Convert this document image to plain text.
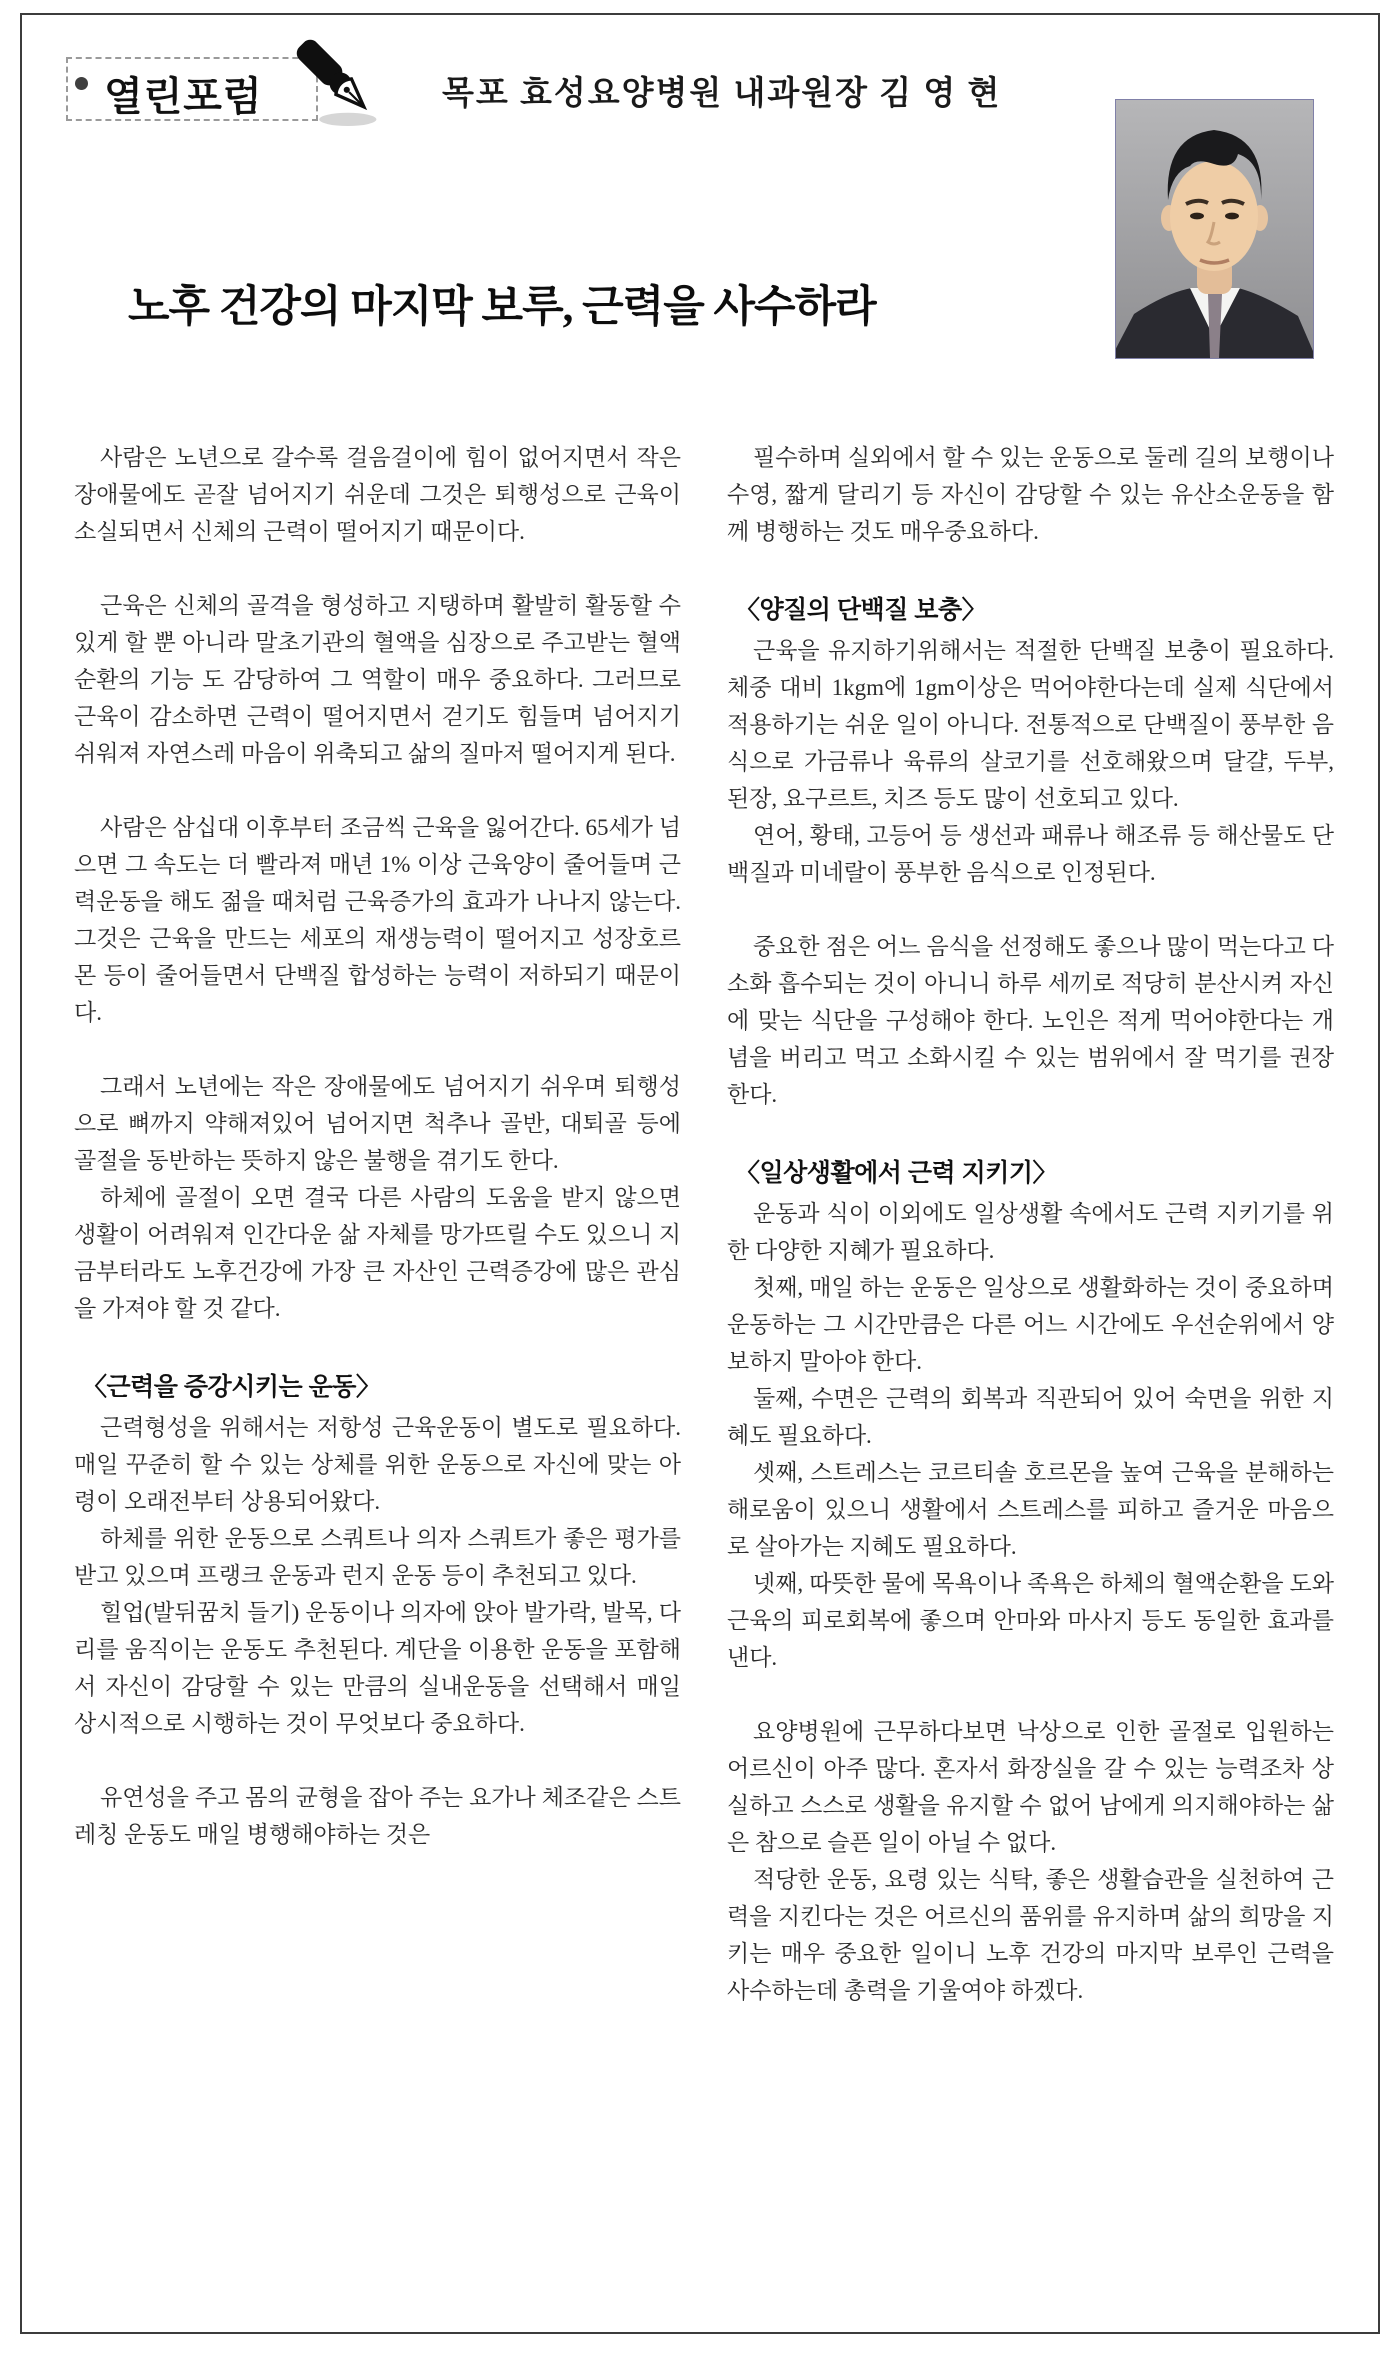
열린포럼	목포 효성요양병원 내과원장 김 영 현
노후 건강의 마지막 보루, 근력을 사수하라

사람은 노년으로 갈수록 걸음걸이에 힘이 없어지면서 작은 장애물에도 곧잘 넘어지기 쉬운데 그것은 퇴행성으로 근육이 소실되면서 신체의 근력이 떨어지기 때문이다.

근육은 신체의 골격을 형성하고 지탱하며 활발히 활동할 수 있게 할 뿐 아니라 말초기관의 혈액을 심장으로 주고받는 혈액순환의 기능 도 감당하여 그 역할이 매우 중요하다. 그러므로 근육이 감소하면 근력이 떨어지면서 걷기도 힘들며 넘어지기 쉬워져 자연스레 마음이 위축되고 삶의 질마저 떨어지게 된다.

사람은 삼십대 이후부터 조금씩 근육을 잃어간다. 65세가 넘으면 그 속도는 더 빨라져 매년 1% 이상 근육양이 줄어들며 근력운동을 해도 젊을 때처럼 근육증가의 효과가 나나지 않는다. 그것은 근육을 만드는 세포의 재생능력이 떨어지고 성장호르몬 등이 줄어들면서 단백질 합성하는 능력이 저하되기 때문이다.

그래서 노년에는 작은 장애물에도 넘어지기 쉬우며 퇴행성으로 뼈까지 약해져있어 넘어지면 척추나 골반, 대퇴골 등에 골절을 동반하는 뜻하지 않은 불행을 겪기도 한다.

하체에 골절이 오면 결국 다른 사람의 도움을 받지 않으면 생활이 어려워져 인간다운 삶 자체를 망가뜨릴 수도 있으니 지금부터라도 노후건강에 가장 큰 자산인 근력증강에 많은 관심을 가져야 할 것 같다.

〈근력을 증강시키는 운동〉

근력형성을 위해서는 저항성 근육운동이 별도로 필요하다. 매일 꾸준히 할 수 있는 상체를 위한 운동으로 자신에 맞는 아령이 오래전부터 상용되어왔다.

하체를 위한 운동으로 스쿼트나 의자 스쿼트가 좋은 평가를 받고 있으며 프랭크 운동과 런지 운동 등이 추천되고 있다.

힐업(발뒤꿈치 들기) 운동이나 의자에 앉아 발가락, 발목, 다리를 움직이는 운동도 추천된다. 계단을 이용한 운동을 포함해서 자신이 감당할 수 있는 만큼의 실내운동을 선택해서 매일 상시적으로 시행하는 것이 무엇보다 중요하다.

유연성을 주고 몸의 균형을 잡아 주는 요가나 체조같은 스트레칭 운동도 매일 병행해야하는 것은

필수하며 실외에서 할 수 있는 운동으로 둘레 길의 보행이나 수영, 짧게 달리기 등 자신이 감당할 수 있는 유산소운동을 함께 병행하는 것도 매우중요하다.

〈양질의 단백질 보충〉

근육을 유지하기위해서는 적절한 단백질 보충이 필요하다. 체중 대비 1kgm에 1gm이상은 먹어야한다는데 실제 식단에서 적용하기는 쉬운 일이 아니다. 전통적으로 단백질이 풍부한 음식으로 가금류나 육류의 살코기를 선호해왔으며 달걀, 두부, 된장, 요구르트, 치즈 등도 많이 선호되고 있다.

연어, 황태, 고등어 등 생선과 패류나 해조류 등 해산물도 단백질과 미네랄이 풍부한 음식으로 인정된다.

중요한 점은 어느 음식을 선정해도 좋으나 많이 먹는다고 다 소화 흡수되는 것이 아니니 하루 세끼로 적당히 분산시켜 자신에 맞는 식단을 구성해야 한다. 노인은 적게 먹어야한다는 개념을 버리고 먹고 소화시킬 수 있는 범위에서 잘 먹기를 권장한다.

〈일상생활에서 근력 지키기〉

운동과 식이 이외에도 일상생활 속에서도 근력 지키기를 위한 다양한 지혜가 필요하다.

첫째, 매일 하는 운동은 일상으로 생활화하는 것이 중요하며 운동하는 그 시간만큼은 다른 어느 시간에도 우선순위에서 양보하지 말아야 한다.

둘째, 수면은 근력의 회복과 직관되어 있어 숙면을 위한 지혜도 필요하다.

셋째, 스트레스는 코르티솔 호르몬을 높여 근육을 분해하는 해로움이 있으니 생활에서 스트레스를 피하고 즐거운 마음으로 살아가는 지혜도 필요하다.

넷째, 따뜻한 물에 목욕이나 족욕은 하체의 혈액순환을 도와 근육의 피로회복에 좋으며 안마와 마사지 등도 동일한 효과를 낸다.

요양병원에 근무하다보면 낙상으로 인한 골절로 입원하는 어르신이 아주 많다. 혼자서 화장실을 갈 수 있는 능력조차 상실하고 스스로 생활을 유지할 수 없어 남에게 의지해야하는 삶은 참으로 슬픈 일이 아닐 수 없다.

적당한 운동, 요령 있는 식탁, 좋은 생활습관을 실천하여 근력을 지킨다는 것은 어르신의 품위를 유지하며 삶의 희망을 지키는 매우 중요한 일이니 노후 건강의 마지막 보루인 근력을 사수하는데 총력을 기울여야 하겠다.
